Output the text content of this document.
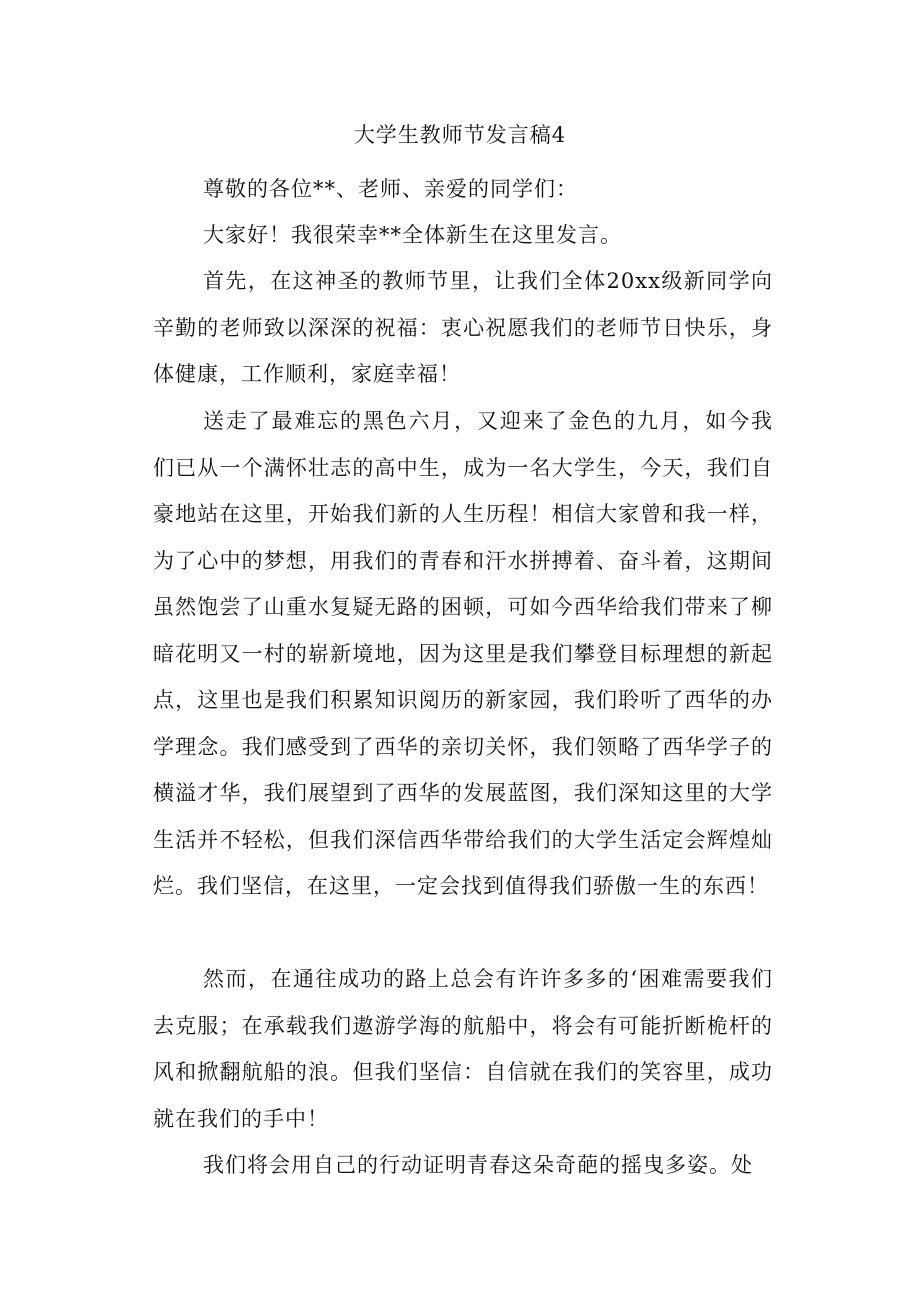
大学生教师节发言稿4

尊敬的各位**、老师、亲爱的同学们：

大家好！我很荣幸**全体新生在这里发言。

首先，在这神圣的教师节里，让我们全体20xx级新同学向辛勤的老师致以深深的祝福：衷心祝愿我们的老师节日快乐，身体健康，工作顺利，家庭幸福！

送走了最难忘的黑色六月，又迎来了金色的九月，如今我们已从一个满怀壮志的高中生，成为一名大学生，今天，我们自豪地站在这里，开始我们新的人生历程！相信大家曾和我一样，为了心中的梦想，用我们的青春和汗水拼搏着、奋斗着，这期间虽然饱尝了山重水复疑无路的困顿，可如今西华给我们带来了柳暗花明又一村的崭新境地，因为这里是我们攀登目标理想的新起点，这里也是我们积累知识阅历的新家园，我们聆听了西华的办学理念。我们感受到了西华的亲切关怀，我们领略了西华学子的横溢才华，我们展望到了西华的发展蓝图，我们深知这里的大学生活并不轻松，但我们深信西华带给我们的大学生活定会辉煌灿烂。我们坚信，在这里，一定会找到值得我们骄傲一生的东西！

然而，在通往成功的路上总会有许许多多的‘困难需要我们去克服；在承载我们遨游学海的航船中，将会有可能折断桅杆的风和掀翻航船的浪。但我们坚信：自信就在我们的笑容里，成功就在我们的手中！

我们将会用自己的行动证明青春这朵奇葩的摇曳多姿。处
